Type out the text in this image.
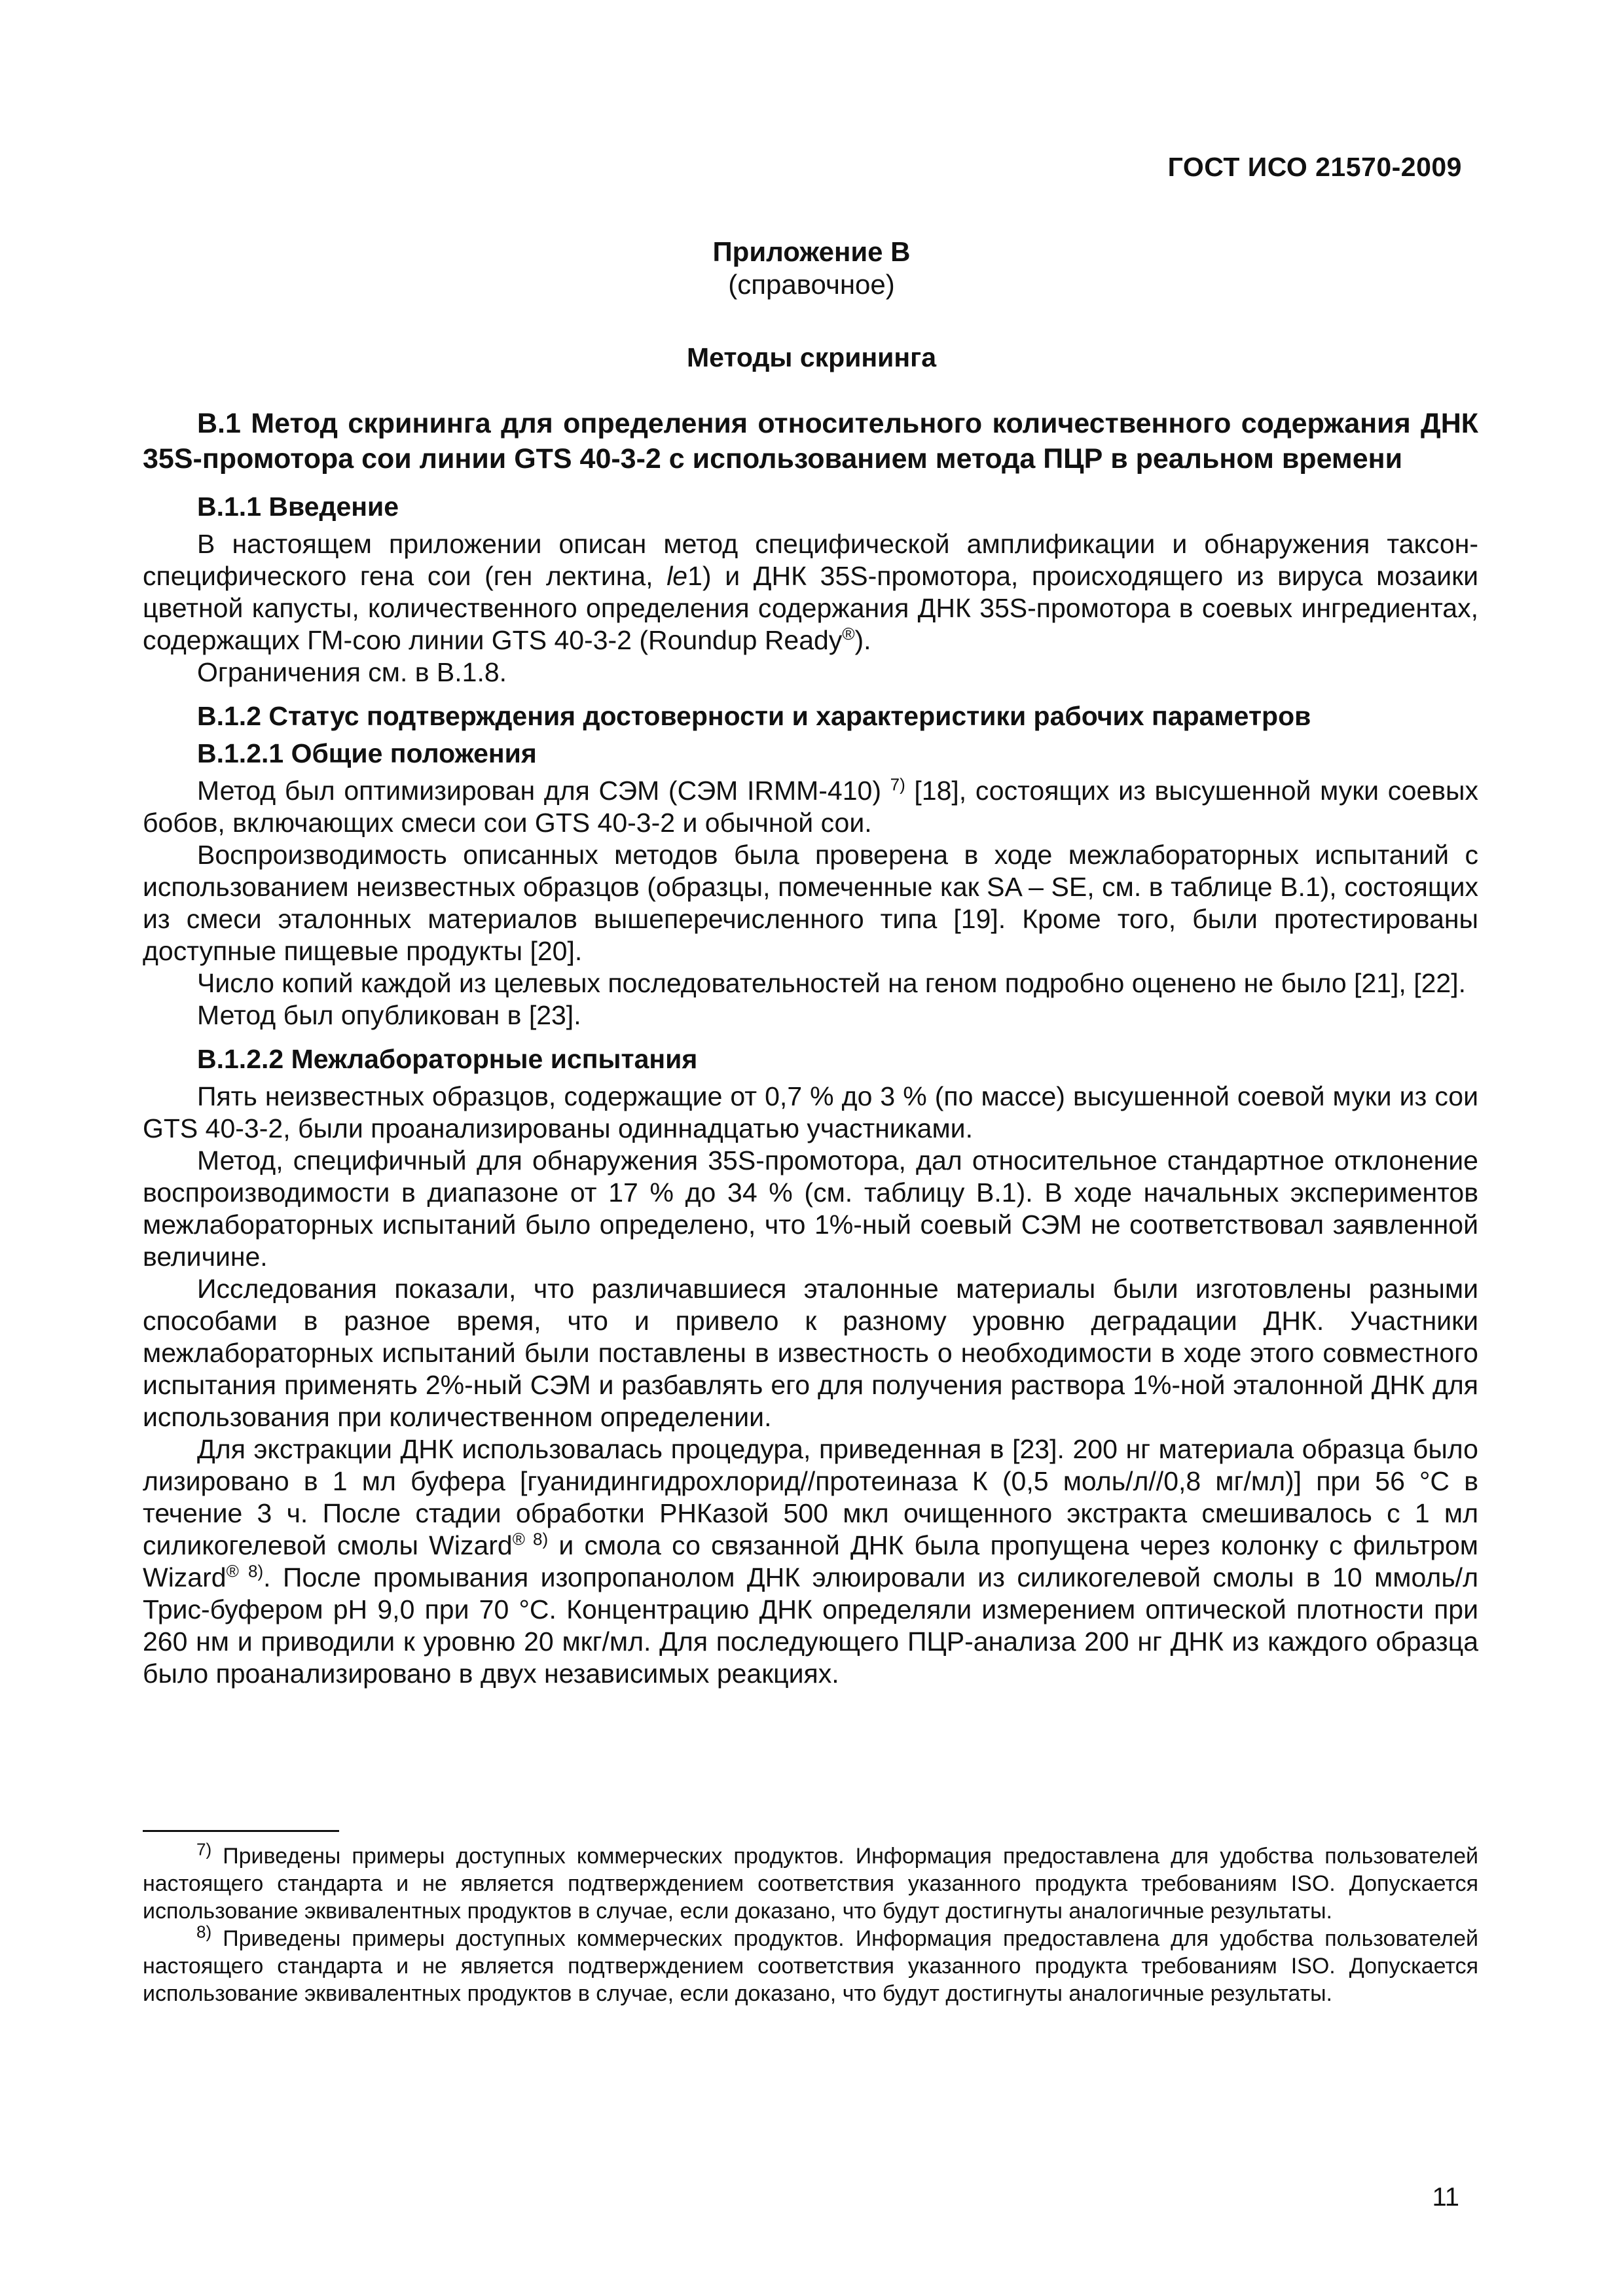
ГОСТ ИСО 21570-2009
Приложение В
(справочное)
Методы скрининга

В.1 Метод скрининга для определения относительного количественного содержания ДНК 35S-промотора сои линии GTS 40-3-2 с использованием метода ПЦР в реальном времени

В.1.1 Введение

В настоящем приложении описан метод специфической амплификации и обнаружения таксон-специфического гена сои (ген лектина, le1) и ДНК 35S-промотора, происходящего из вируса мозаики цветной капусты, количественного определения содержания ДНК 35S-промотора в соевых ингредиентах, содержащих ГМ-сою линии GTS 40-3-2 (Roundup Ready®).

Ограничения см. в В.1.8.

В.1.2 Статус подтверждения достоверности и характеристики рабочих параметров

В.1.2.1 Общие положения

Метод был оптимизирован для СЭМ (СЭМ IRMM-410) $^{7)}$ [18], состоящих из высушенной муки соевых бобов, включающих смеси сои GTS 40-3-2 и обычной сои.

Воспроизводимость описанных методов была проверена в ходе межлабораторных испытаний с использованием неизвестных образцов (образцы, помеченные как SA – SE, см. в таблице В.1), состоящих из смеси эталонных материалов вышеперечисленного типа [19]. Кроме того, были протестированы доступные пищевые продукты [20].

Число копий каждой из целевых последовательностей на геном подробно оценено не было [21], [22].

Метод был опубликован в [23].

В.1.2.2 Межлабораторные испытания

Пять неизвестных образцов, содержащие от 0,7 % до 3 % (по массе) высушенной соевой муки из сои GTS 40-3-2, были проанализированы одиннадцатью участниками.

Метод, специфичный для обнаружения 35S-промотора, дал относительное стандартное отклонение воспроизводимости в диапазоне от 17 % до 34 % (см. таблицу В.1). В ходе начальных экспериментов межлабораторных испытаний было определено, что 1%-ный соевый СЭМ не соответствовал заявленной величине.

Исследования показали, что различавшиеся эталонные материалы были изготовлены разными способами в разное время, что и привело к разному уровню деградации ДНК. Участники межлабораторных испытаний были поставлены в известность о необходимости в ходе этого совместного испытания применять 2%-ный СЭМ и разбавлять его для получения раствора 1%-ной эталонной ДНК для использования при количественном определении.

Для экстракции ДНК использовалась процедура, приведенная в [23]. 200 нг материала образца было лизировано в 1 мл буфера [гуанидингидрохлорид//протеиназа К (0,5 моль/л//0,8 мг/мл)] при 56 °С в течение 3 ч. После стадии обработки РНКазой 500 мкл очищенного экстракта смешивалось с 1 мл силикогелевой смолы Wizard$^{® 8)}$ и смола со связанной ДНК была пропущена через колонку с фильтром Wizard$^{® 8)}$. После промывания изопропанолом ДНК элюировали из силикогелевой смолы в 10 ммоль/л Трис-буфером рН 9,0 при 70 °С. Концентрацию ДНК определяли измерением оптической плотности при 260 нм и приводили к уровню 20 мкг/мл. Для последующего ПЦР-анализа 200 нг ДНК из каждого образца было проанализировано в двух независимых реакциях.

$^{7)}$ Приведены примеры доступных коммерческих продуктов. Информация предоставлена для удобства пользователей настоящего стандарта и не является подтверждением соответствия указанного продукта требованиям ISO. Допускается использование эквивалентных продуктов в случае, если доказано, что будут достигнуты аналогичные результаты.

$^{8)}$ Приведены примеры доступных коммерческих продуктов. Информация предоставлена для удобства пользователей настоящего стандарта и не является подтверждением соответствия указанного продукта требованиям ISO. Допускается использование эквивалентных продуктов в случае, если доказано, что будут достигнуты аналогичные результаты.

11
